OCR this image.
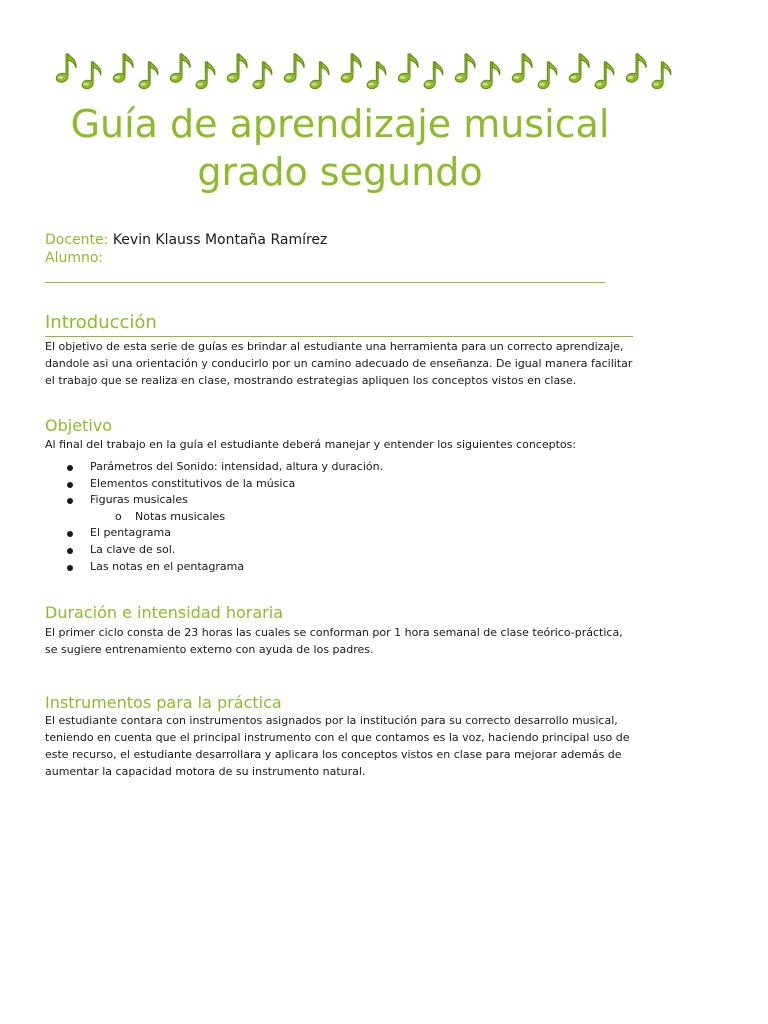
Guía de aprendizaje musical
grado segundo
Docente: Kevin Klauss Montaña Ramírez
Alumno:
Introducción

El objetivo de esta serie de guías es brindar al estudiante una herramienta para un correcto aprendizaje, dandole asi una orientación y conducirlo por un camino adecuado de enseñanza. De igual manera facilitar el trabajo que se realiza en clase, mostrando estrategias apliquen los conceptos vistos en clase.

Objetivo

Al final del trabajo en la guía el estudiante deberá manejar y entender los siguientes conceptos:

Parámetros del Sonido: intensidad, altura y duración.
Elementos constitutivos de la música
Figuras musicales
o Notas musicales
El pentagrama
La clave de sol.
Las notas en el pentagrama
Duración e intensidad horaria

El primer ciclo consta de 23 horas las cuales se conforman por 1 hora semanal de clase teórico-práctica, se sugiere entrenamiento externo con ayuda de los padres.

Instrumentos para la práctica

El estudiante contara con instrumentos asignados por la institución para su correcto desarrollo musical, teniendo en cuenta que el principal instrumento con el que contamos es la voz, haciendo principal uso de este recurso, el estudiante desarrollara y aplicara los conceptos vistos en clase para mejorar además de aumentar la capacidad motora de su instrumento natural.
